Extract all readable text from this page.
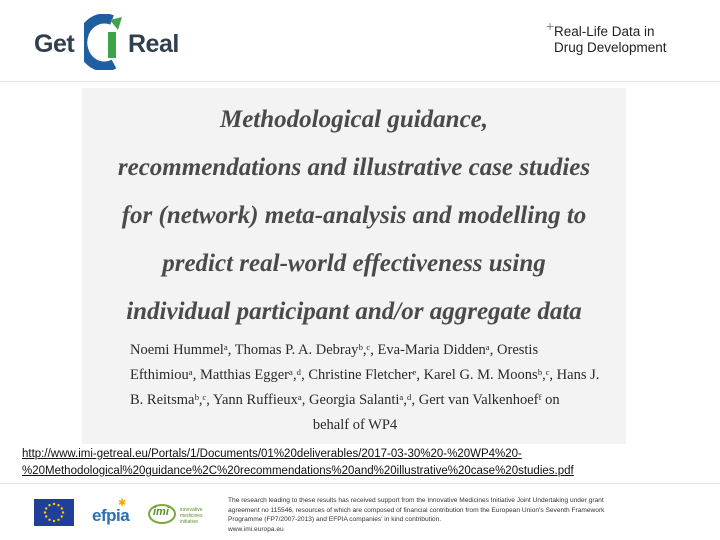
Get Real
+ Real-Life Data in
Drug Development
Methodological guidance,
recommendations and illustrative case studies
for (network) meta-analysis and modelling to
predict real-world effectiveness using
individual participant and/or aggregate data
Noemi Hummelᵃ, Thomas P. A. Debrayᵇ,ᶜ, Eva-Maria Diddenᵃ, Orestis
Efthimiouᵃ, Matthias Eggerᵃ,ᵈ, Christine Fletcherᵉ, Karel G. M. Moonsᵇ,ᶜ, Hans J.
B. Reitsmaᵇ,ᶜ, Yann Ruffieuxᵃ, Georgia Salantiᵃ,ᵈ, Gert van Valkenhoefᶠ on
behalf of WP4
http://www.imi-getreal.eu/Portals/1/Documents/01%20deliverables/2017-03-30%20-%20WP4%20-
%20Methodological%20guidance%2C%20recommendations%20and%20illustrative%20case%20studies.pdf
efpia
✱
imi innovative medicines initiative
The research leading to these results has received support from the Innovative Medicines Initiative Joint Undertaking under grant
agreement no 115546, resources of which are composed of financial contribution from the European Union's Seventh Framework
Programme (FP7/2007-2013) and EFPIA companies' in kind contribution.
www.imi.europa.eu
